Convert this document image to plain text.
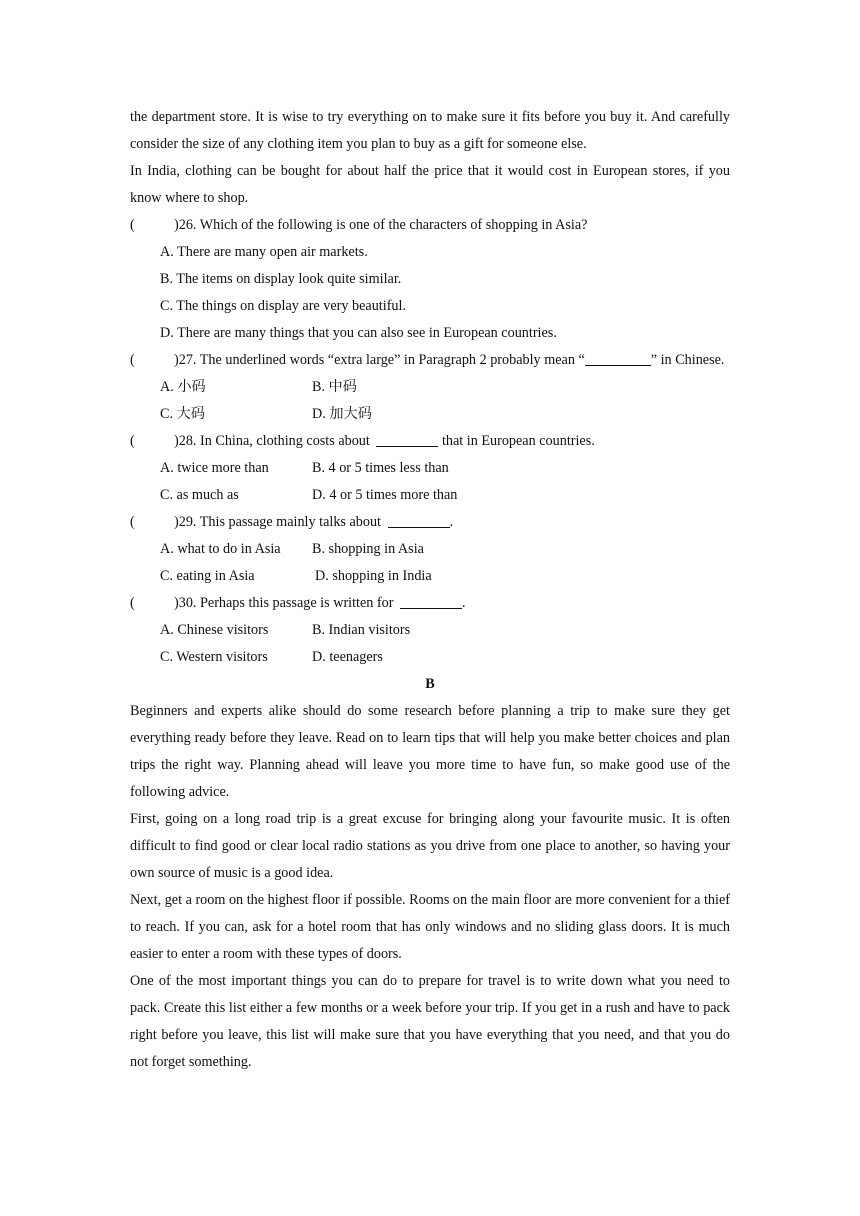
the department store. It is wise to try everything on to make sure it fits before you buy it. And carefully consider the size of any clothing item you plan to buy as a gift for someone else.

In India, clothing can be bought for about half the price that it would cost in European stores, if you know where to shop.

(	)26. Which of the following is one of the characters of shopping in Asia?

A. There are many open air markets.

B. The items on display look quite similar.

C. The things on display are very beautiful.

D. There are many things that you can also see in European countries.

(	)27. The underlined words “extra large” in Paragraph 2 probably mean “	” in Chinese.

A. 小码	B. 中码

C. 大码	D. 加大码

(	)28. In China, clothing costs about	that in European countries.

A. twice more than	B. 4 or 5 times less than

C. as much as	D. 4 or 5 times more than

(	)29. This passage mainly talks about	.

A. what to do in Asia B. shopping in Asia

C. eating in Asia	D. shopping in India

(	)30. Perhaps this passage is written for	.

A. Chinese visitors	B. Indian visitors

C. Western visitors	D. teenagers

B

Beginners and experts alike should do some research before planning a trip to make sure they get everything ready before they leave. Read on to learn tips that will help you make better choices and plan trips the right way. Planning ahead will leave you more time to have fun, so make good use of the following advice.

First, going on a long road trip is a great excuse for bringing along your favourite music. It is often difficult to find good or clear local radio stations as you drive from one place to another, so having your own source of music is a good idea.

Next, get a room on the highest floor if possible. Rooms on the main floor are more convenient for a thief to reach. If you can, ask for a hotel room that has only windows and no sliding glass doors. It is much easier to enter a room with these types of doors.

One of the most important things you can do to prepare for travel is to write down what you need to pack. Create this list either a few months or a week before your trip. If you get in a rush and have to pack right before you leave, this list will make sure that you have everything that you need, and that you do not forget something.
